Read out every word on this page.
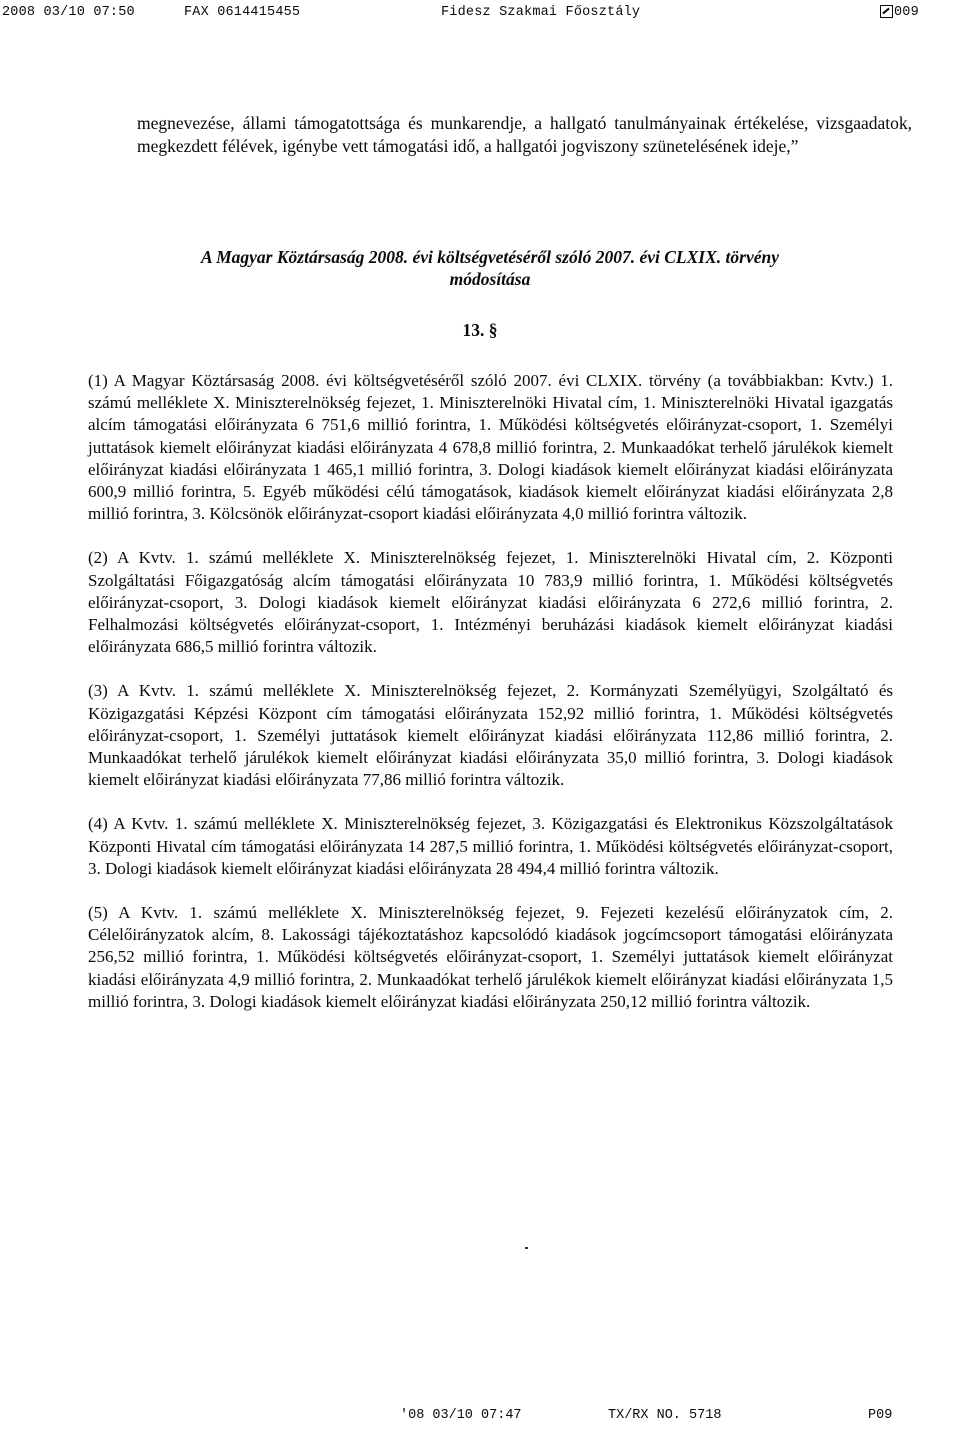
2008 03/10 07:50	FAX 0614415455	Fidesz Szakmai Főosztály	009
megnevezése, állami támogatottsága és munkarendje, a hallgató tanulmányainak értékelése, vizsgaadatok, megkezdett félévek, igénybe vett támogatási idő, a hallgatói jogviszony szünetelésének ideje,”
A Magyar Köztársaság 2008. évi költségvetéséről szóló 2007. évi CLXIX. törvény
módosítása
13. §

(1) A Magyar Köztársaság 2008. évi költségvetéséről szóló 2007. évi CLXIX. törvény (a továbbiakban: Kvtv.) 1. számú melléklete X. Miniszterelnökség fejezet, 1. Miniszterelnöki Hivatal cím, 1. Miniszterelnöki Hivatal igazgatás alcím támogatási előirányzata 6 751,6 millió forintra, 1. Működési költségvetés előirányzat-csoport, 1. Személyi juttatások kiemelt előirányzat kiadási előirányzata 4 678,8 millió forintra, 2. Munkaadókat terhelő járulékok kiemelt előirányzat kiadási előirányzata 1 465,1 millió forintra, 3. Dologi kiadások kiemelt előirányzat kiadási előirányzata 600,9 millió forintra, 5. Egyéb működési célú támogatások, kiadások kiemelt előirányzat kiadási előirányzata 2,8 millió forintra, 3. Kölcsönök előirányzat-csoport kiadási előirányzata 4,0 millió forintra változik.

(2) A Kvtv. 1. számú melléklete X. Miniszterelnökség fejezet, 1. Miniszterelnöki Hivatal cím, 2. Központi Szolgáltatási Főigazgatóság alcím támogatási előirányzata 10 783,9 millió forintra, 1. Működési költségvetés előirányzat-csoport, 3. Dologi kiadások kiemelt előirányzat kiadási előirányzata 6 272,6 millió forintra, 2. Felhalmozási költségvetés előirányzat-csoport, 1. Intézményi beruházási kiadások kiemelt előirányzat kiadási előirányzata 686,5 millió forintra változik.

(3) A Kvtv. 1. számú melléklete X. Miniszterelnökség fejezet, 2. Kormányzati Személyügyi, Szolgáltató és Közigazgatási Képzési Központ cím támogatási előirányzata 152,92 millió forintra, 1. Működési költségvetés előirányzat-csoport, 1. Személyi juttatások kiemelt előirányzat kiadási előirányzata 112,86 millió forintra, 2. Munkaadókat terhelő járulékok kiemelt előirányzat kiadási előirányzata 35,0 millió forintra, 3. Dologi kiadások kiemelt előirányzat kiadási előirányzata 77,86 millió forintra változik.

(4) A Kvtv. 1. számú melléklete X. Miniszterelnökség fejezet, 3. Közigazgatási és Elektronikus Közszolgáltatások Központi Hivatal cím támogatási előirányzata 14 287,5 millió forintra, 1. Működési költségvetés előirányzat-csoport, 3. Dologi kiadások kiemelt előirányzat kiadási előirányzata 28 494,4 millió forintra változik.

(5) A Kvtv. 1. számú melléklete X. Miniszterelnökség fejezet, 9. Fejezeti kezelésű előirányzatok cím, 2. Célelőirányzatok alcím, 8. Lakossági tájékoztatáshoz kapcsolódó kiadások jogcímcsoport támogatási előirányzata 256,52 millió forintra, 1. Működési költségvetés előirányzat-csoport, 1. Személyi juttatások kiemelt előirányzat kiadási előirányzata 4,9 millió forintra, 2. Munkaadókat terhelő járulékok kiemelt előirányzat kiadási előirányzata 1,5 millió forintra, 3. Dologi kiadások kiemelt előirányzat kiadási előirányzata 250,12 millió forintra változik.

'08 03/10 07:47	TX/RX NO. 5718	P09
